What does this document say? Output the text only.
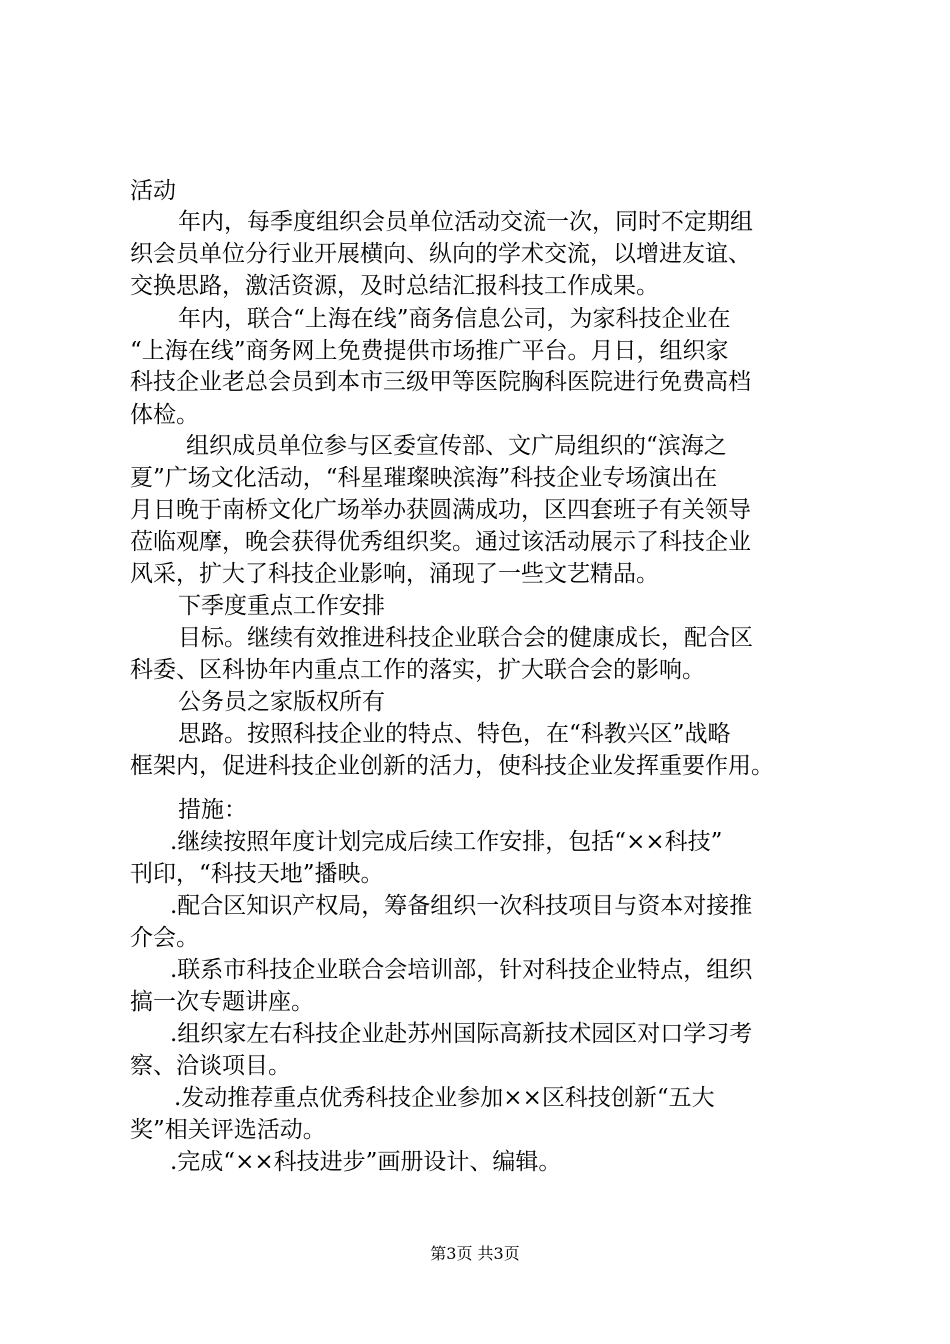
活动
年内，每季度组织会员单位活动交流一次，同时不定期组
织会员单位分行业开展横向、纵向的学术交流，以增进友谊、
交换思路，激活资源，及时总结汇报科技工作成果。
年内，联合“上海在线”商务信息公司，为家科技企业在
“上海在线”商务网上免费提供市场推广平台。月日，组织家
科技企业老总会员到本市三级甲等医院胸科医院进行免费高档
体检。
组织成员单位参与区委宣传部、文广局组织的“滨海之
夏”广场文化活动，“科星璀璨映滨海”科技企业专场演出在
月日晚于南桥文化广场举办获圆满成功，区四套班子有关领导
莅临观摩，晚会获得优秀组织奖。通过该活动展示了科技企业
风采，扩大了科技企业影响，涌现了一些文艺精品。
下季度重点工作安排
目标。继续有效推进科技企业联合会的健康成长，配合区
科委、区科协年内重点工作的落实，扩大联合会的影响。
公务员之家版权所有
思路。按照科技企业的特点、特色，在“科教兴区”战略
框架内，促进科技企业创新的活力，使科技企业发挥重要作用。
措施：
.继续按照年度计划完成后续工作安排，包括“××科技”
刊印，“科技天地”播映。
.配合区知识产权局，筹备组织一次科技项目与资本对接推
介会。
.联系市科技企业联合会培训部，针对科技企业特点，组织
搞一次专题讲座。
.组织家左右科技企业赴苏州国际高新技术园区对口学习考
察、洽谈项目。
.发动推荐重点优秀科技企业参加××区科技创新“五大
奖”相关评选活动。
.完成“××科技进步”画册设计、编辑。
第3页 共3页
